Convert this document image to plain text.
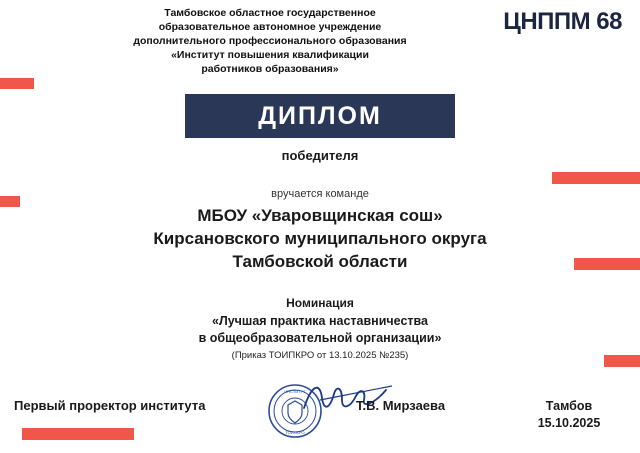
Тамбовское областное государственное
образовательное автономное учреждение
дополнительного профессионального образования
«Институт повышения квалификации
работников образования»
ЦНППМ 68
ДИПЛОМ
победителя
вручается команде
МБОУ «Уваровщинская сош»
Кирсановского муниципального округа
Тамбовской области
Номинация
«Лучшая практика наставничества
в общеобразовательной организации»
(Приказ ТОИПКРО от 13.10.2025 №235)
Первый проректор института
ИНСТИТУТ
ТОИПКРО
Т.В. Мирзаева	Тамбов
15.10.2025
